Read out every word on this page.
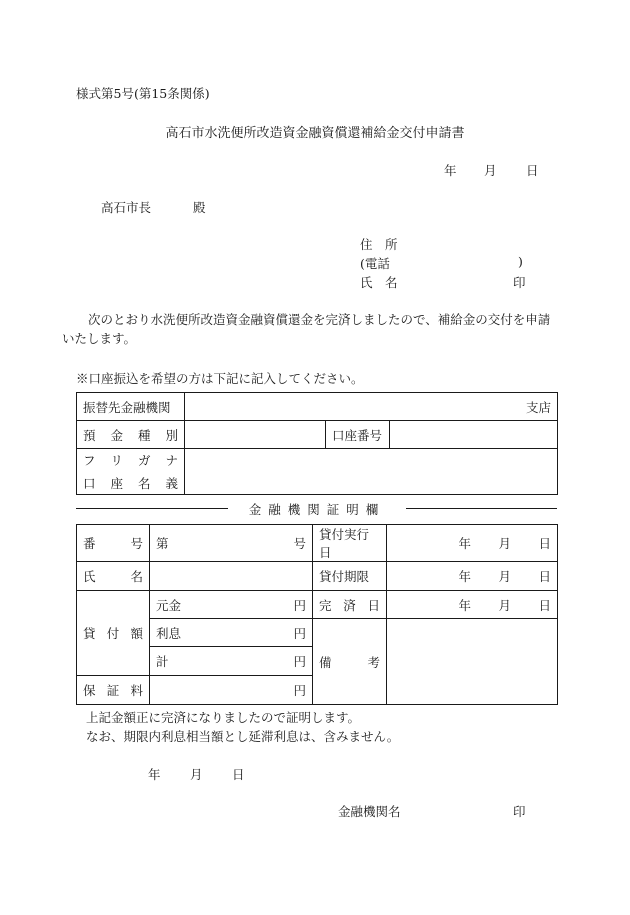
様式第5号(第15条関係)
高石市水洗便所改造資金融資償還補給金交付申請書
年 月 日
高石市長	殿
住　所
(電話	)
氏　名	印
次のとおり水洗便所改造資金融資償還金を完済しましたので、補給金の交付を申請いたします。
※口座振込を希望の方は下記に記入してください。
振替先金融機関	支店		

預 金 種 別		口座番号	

フ リ ガ ナ			

口 座 名 義			
金融機関証明欄
番 号	第 号	貸付実行日	年 月 日

氏 名		貸付期限	年 月 日

貸 付 額	元金 円	完 済 日	年 月 日

	利息 円	備 考	

	計 円		

保 証 料	円		
上記金額正に完済になりましたので証明します。
なお、期限内利息相当額とし延滞利息は、含みません。
年 月 日
金融機関名	印
